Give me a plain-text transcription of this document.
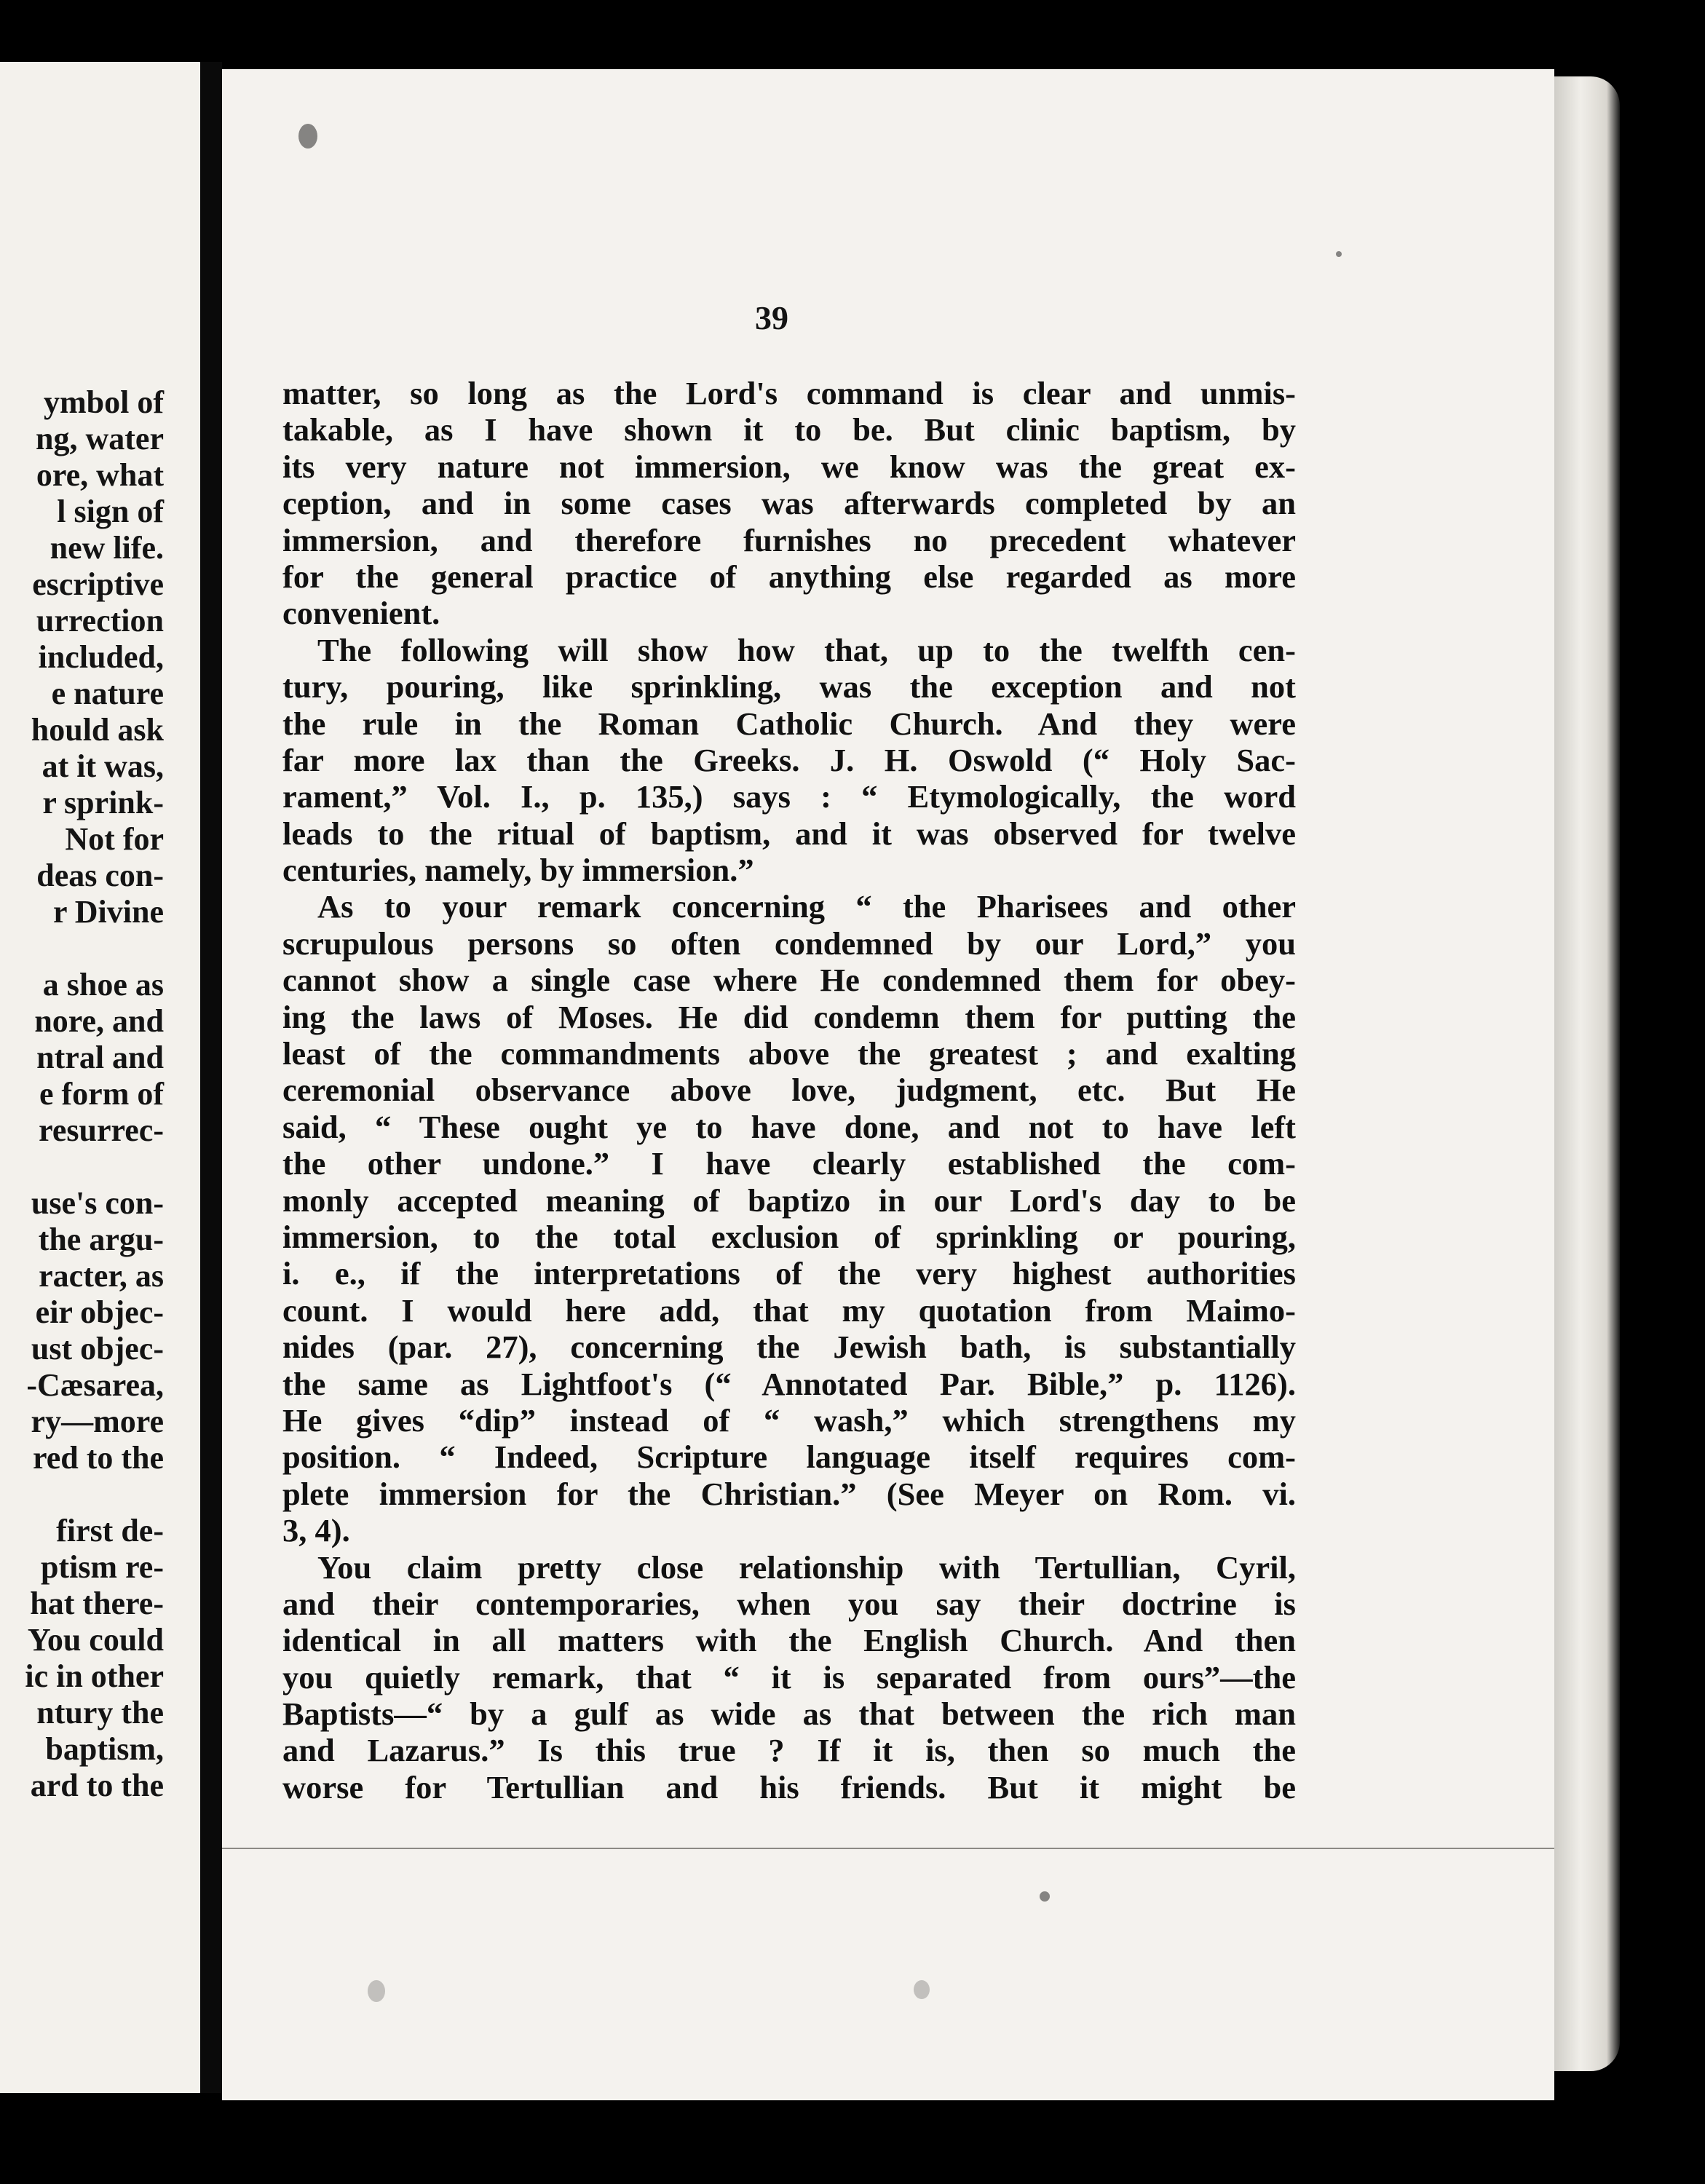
ymbol of
ng, water
ore, what
l sign of
new life.
escriptive
urrection
included,
e nature
hould ask
at it was,
r sprink-
Not for
deas con-
r Divine
a shoe as
nore, and
ntral and
e form of
resurrec-
use's con-
the argu-
racter, as
eir objec-
ust objec-
-Cæsarea,
ry—more
red to the
first de-
ptism re-
hat there-
You could
ic in other
ntury the
baptism,
ard to the
39
matter, so long as the Lord's command is clear and unmis-
takable, as I have shown it to be. But clinic baptism, by
its very nature not immersion, we know was the great ex-
ception, and in some cases was afterwards completed by an
immersion, and therefore furnishes no precedent whatever
for the general practice of anything else regarded as more
convenient.
The following will show how that, up to the twelfth cen-
tury, pouring, like sprinkling, was the exception and not
the rule in the Roman Catholic Church. And they were
far more lax than the Greeks. J. H. Oswold (“ Holy Sac-
rament,” Vol. I., p. 135,) says : “ Etymologically, the word
leads to the ritual of baptism, and it was observed for twelve
centuries, namely, by immersion.”
As to your remark concerning “ the Pharisees and other
scrupulous persons so often condemned by our Lord,” you
cannot show a single case where He condemned them for obey-
ing the laws of Moses. He did condemn them for putting the
least of the commandments above the greatest ; and exalting
ceremonial observance above love, judgment, etc. But He
said, “ These ought ye to have done, and not to have left
the other undone.” I have clearly established the com-
monly accepted meaning of baptizo in our Lord's day to be
immersion, to the total exclusion of sprinkling or pouring,
i. e., if the interpretations of the very highest authorities
count. I would here add, that my quotation from Maimo-
nides (par. 27), concerning the Jewish bath, is substantially
the same as Lightfoot's (“ Annotated Par. Bible,” p. 1126).
He gives “dip” instead of “ wash,” which strengthens my
position. “ Indeed, Scripture language itself requires com-
plete immersion for the Christian.” (See Meyer on Rom. vi.
3, 4).
You claim pretty close relationship with Tertullian, Cyril,
and their contemporaries, when you say their doctrine is
identical in all matters with the English Church. And then
you quietly remark, that “ it is separated from ours”—the
Baptists—“ by a gulf as wide as that between the rich man
and Lazarus.” Is this true ? If it is, then so much the
worse for Tertullian and his friends. But it might be
